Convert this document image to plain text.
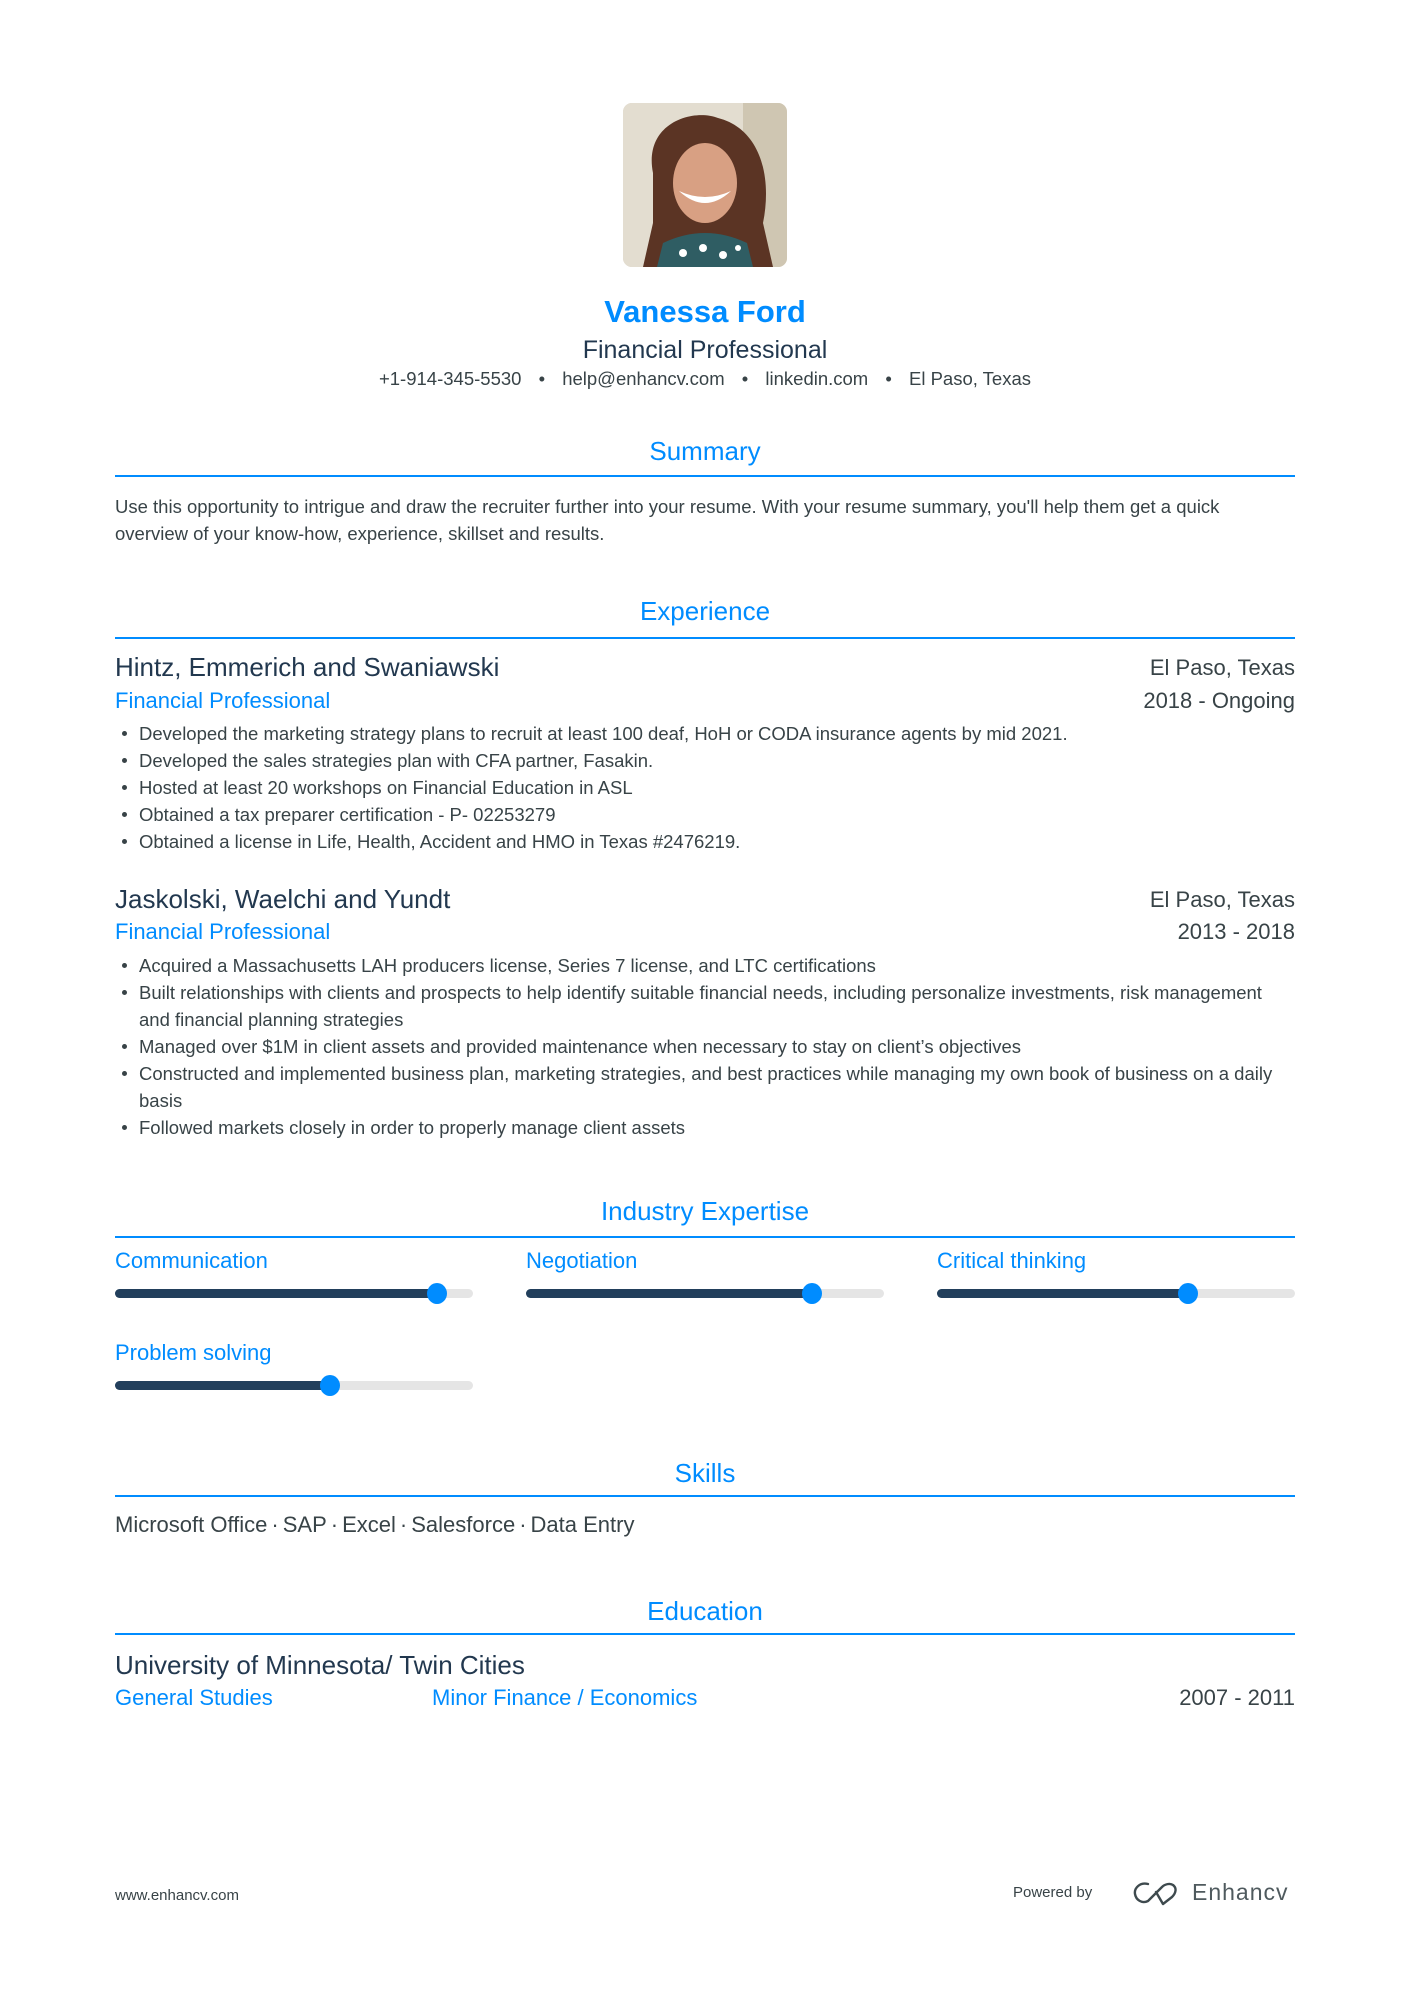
Vanessa Ford
Financial Professional
+1-914-345-5530 • help@enhancv.com • linkedin.com • El Paso, Texas
Summary
Use this opportunity to intrigue and draw the recruiter further into your resume. With your resume summary, you'll help them get a quick overview of your know-how, experience, skillset and results.
Experience
Hintz, Emmerich and Swaniawski	El Paso, Texas
Financial Professional	2018 - Ongoing
Developed the marketing strategy plans to recruit at least 100 deaf, HoH or CODA insurance agents by mid 2021.
Developed the sales strategies plan with CFA partner, Fasakin.
Hosted at least 20 workshops on Financial Education in ASL
Obtained a tax preparer certification - P- 02253279
Obtained a license in Life, Health, Accident and HMO in Texas #2476219.
Jaskolski, Waelchi and Yundt	El Paso, Texas
Financial Professional	2013 - 2018
Acquired a Massachusetts LAH producers license, Series 7 license, and LTC certifications
Built relationships with clients and prospects to help identify suitable financial needs, including personalize investments, risk management and financial planning strategies
Managed over $1M in client assets and provided maintenance when necessary to stay on client’s objectives
Constructed and implemented business plan, marketing strategies, and best practices while managing my own book of business on a daily basis
Followed markets closely in order to properly manage client assets
Industry Expertise
Communication	Negotiation	Critical thinking
Problem solving
Skills
Microsoft Office · SAP · Excel · Salesforce · Data Entry
Education
University of Minnesota/ Twin Cities
General Studies	Minor Finance / Economics	2007 - 2011
www.enhancv.com	Powered by	Enhancv
